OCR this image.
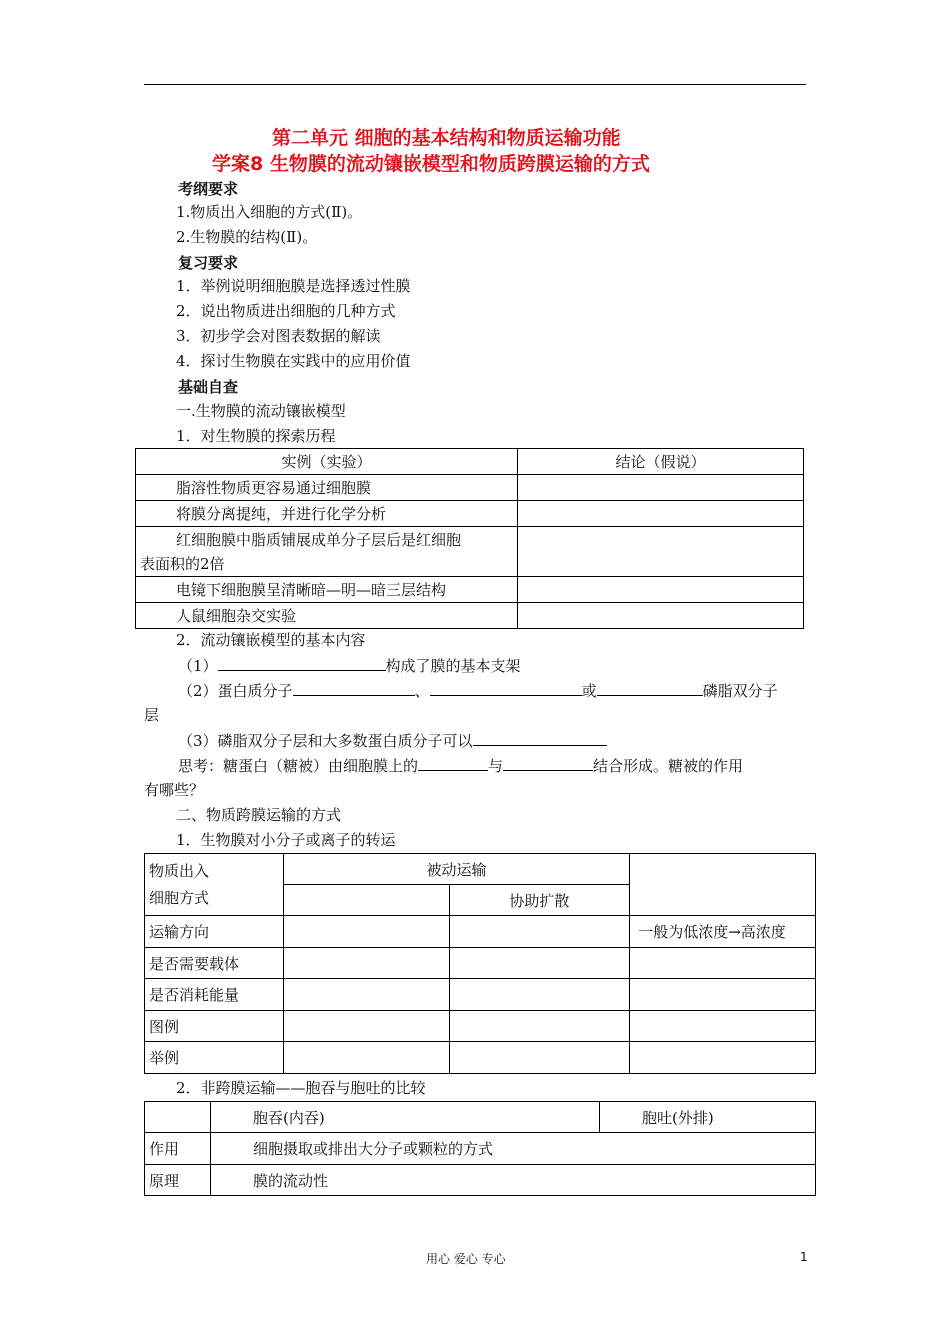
第二单元 细胞的基本结构和物质运输功能
学案8 生物膜的流动镶嵌模型和物质跨膜运输的方式
考纲要求
1.物质出入细胞的方式(Ⅱ)。
2.生物膜的结构(Ⅱ)。
复习要求
1．举例说明细胞膜是选择透过性膜
2．说出物质进出细胞的几种方式
3．初步学会对图表数据的解读
4．探讨生物膜在实践中的应用价值
基础自查
一.生物膜的流动镶嵌模型
1．对生物膜的探索历程
实例（实验）	结论（假说）
脂溶性物质更容易通过细胞膜	
将膜分离提纯，并进行化学分析	

红细胞膜中脂质铺展成单分子层后是红细胞
表面积的2倍	

电镜下细胞膜呈清晰暗—明—暗三层结构	
人鼠细胞杂交实验	
2．流动镶嵌模型的基本内容
（1）	构成了膜的基本支架
（2）蛋白质分子	、	或	磷脂双分子
层
（3）磷脂双分子层和大多数蛋白质分子可以
思考：糖蛋白（糖被）由细胞膜上的	与	结合形成。糖被的作用
有哪些？
二、物质跨膜运输的方式
1．生物膜对小分子或离子的转运
物质出入
细胞方式	被动运输		
		协助扩散	
运输方向			一般为低浓度→高浓度
是否需要载体			
是否消耗能量			
图例			
举例			
2．非跨膜运输——胞吞与胞吐的比较
	胞吞(内吞)	胞吐(外排)
作用	细胞摄取或排出大分子或颗粒的方式	
原理	膜的流动性	
用心 爱心 专心	1
